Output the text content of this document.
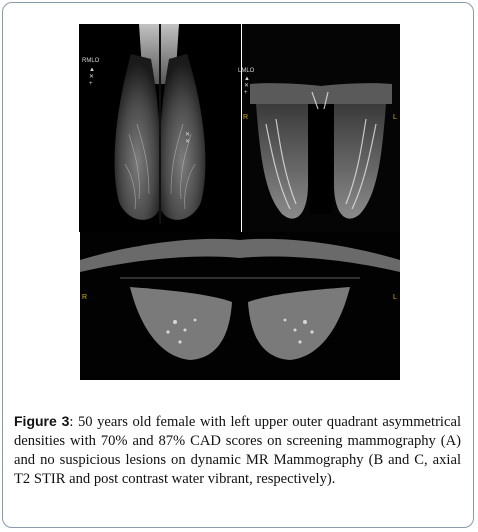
RMLO
▲
✕
+
✕
✕
LMLO
▲
✕
+
R	L
R	L

Figure 3: 50 years old female with left upper outer quadrant asymmetrical densities with 70% and 87% CAD scores on screening mammography (A) and no suspicious lesions on dynamic MR Mammography (B and C, axial T2 STIR and post contrast water vibrant, respectively).
